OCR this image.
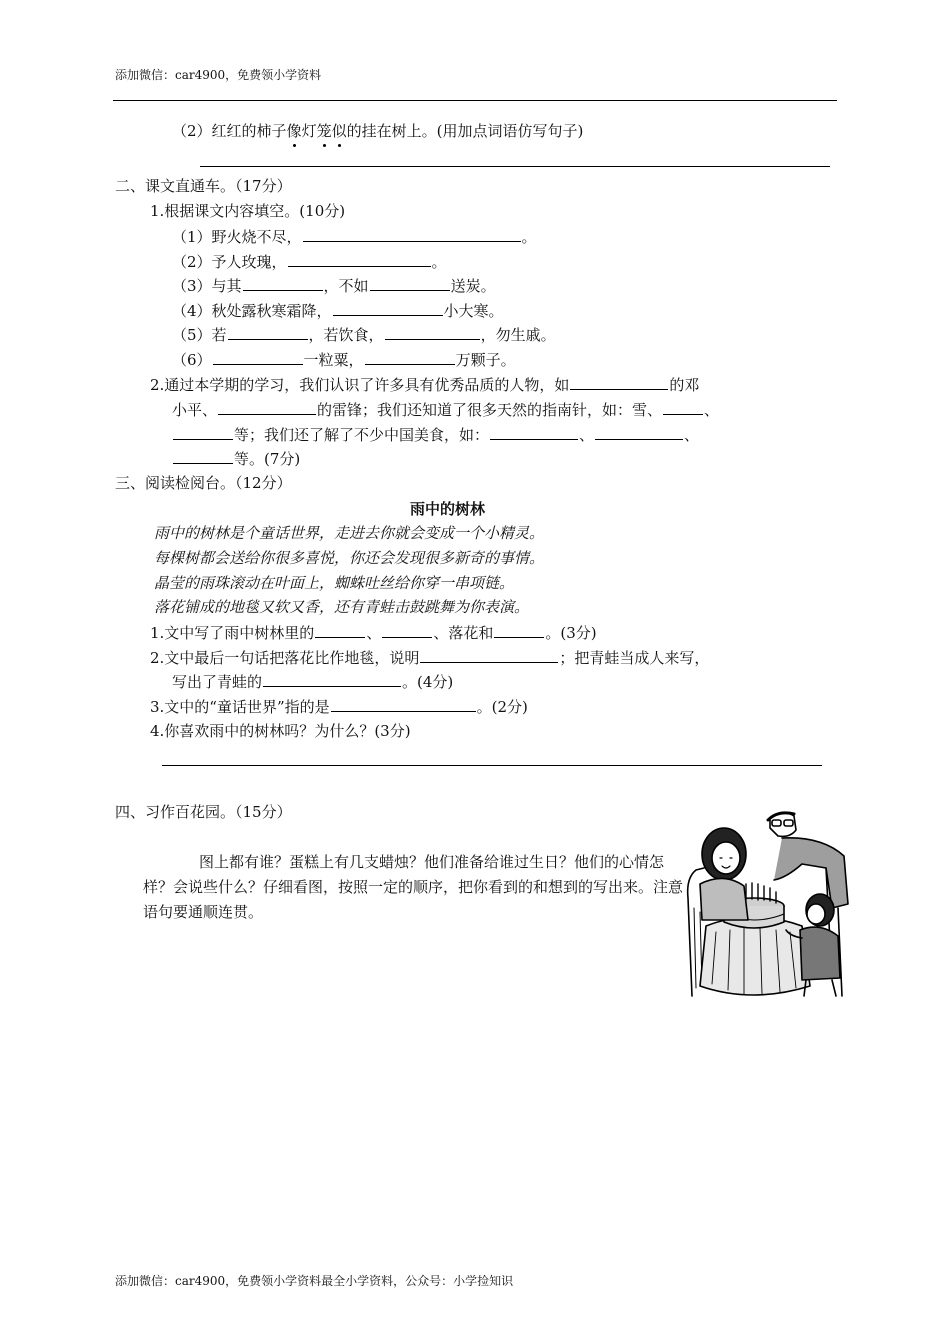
添加微信：car4900，免费领小学资料
（2）红红的柿子像灯笼似的挂在树上。(用加点词语仿写句子)
二、课文直通车。（17分）
1.根据课文内容填空。(10分)
（1）野火烧不尽，	。
（2）予人玫瑰，	。
（3）与其	，不如	送炭。
（4）秋处露秋寒霜降，	小大寒。
（5）若	，若饮食，	，勿生戚。
（6）	一粒粟，	万颗子。
2.通过本学期的学习，我们认识了许多具有优秀品质的人物，如	的邓
小平、	的雷锋；我们还知道了很多天然的指南针，如：雪、	、
等；我们还了解了不少中国美食，如：	、	、
等。(7分)
三、阅读检阅台。（12分）
雨中的树林
雨中的树林是个童话世界，走进去你就会变成一个小精灵。
每棵树都会送给你很多喜悦，你还会发现很多新奇的事情。
晶莹的雨珠滚动在叶面上，蜘蛛吐丝给你穿一串项链。
落花铺成的地毯又软又香，还有青蛙击鼓跳舞为你表演。
1.文中写了雨中树林里的	、	、落花和	。(3分)
2.文中最后一句话把落花比作地毯，说明	；把青蛙当成人来写，
写出了青蛙的	。(4分)
3.文中的“童话世界”指的是	。(2分)
4.你喜欢雨中的树林吗？为什么？(3分)
四、习作百花园。（15分）
图上都有谁？蛋糕上有几支蜡烛？他们准备给谁过生日？他们的心情怎样？会说些什么？仔细看图，按照一定的顺序，把你看到的和想到的写出来。注意语句要通顺连贯。
添加微信：car4900，免费领小学资料最全小学资料，公众号：小学捡知识
